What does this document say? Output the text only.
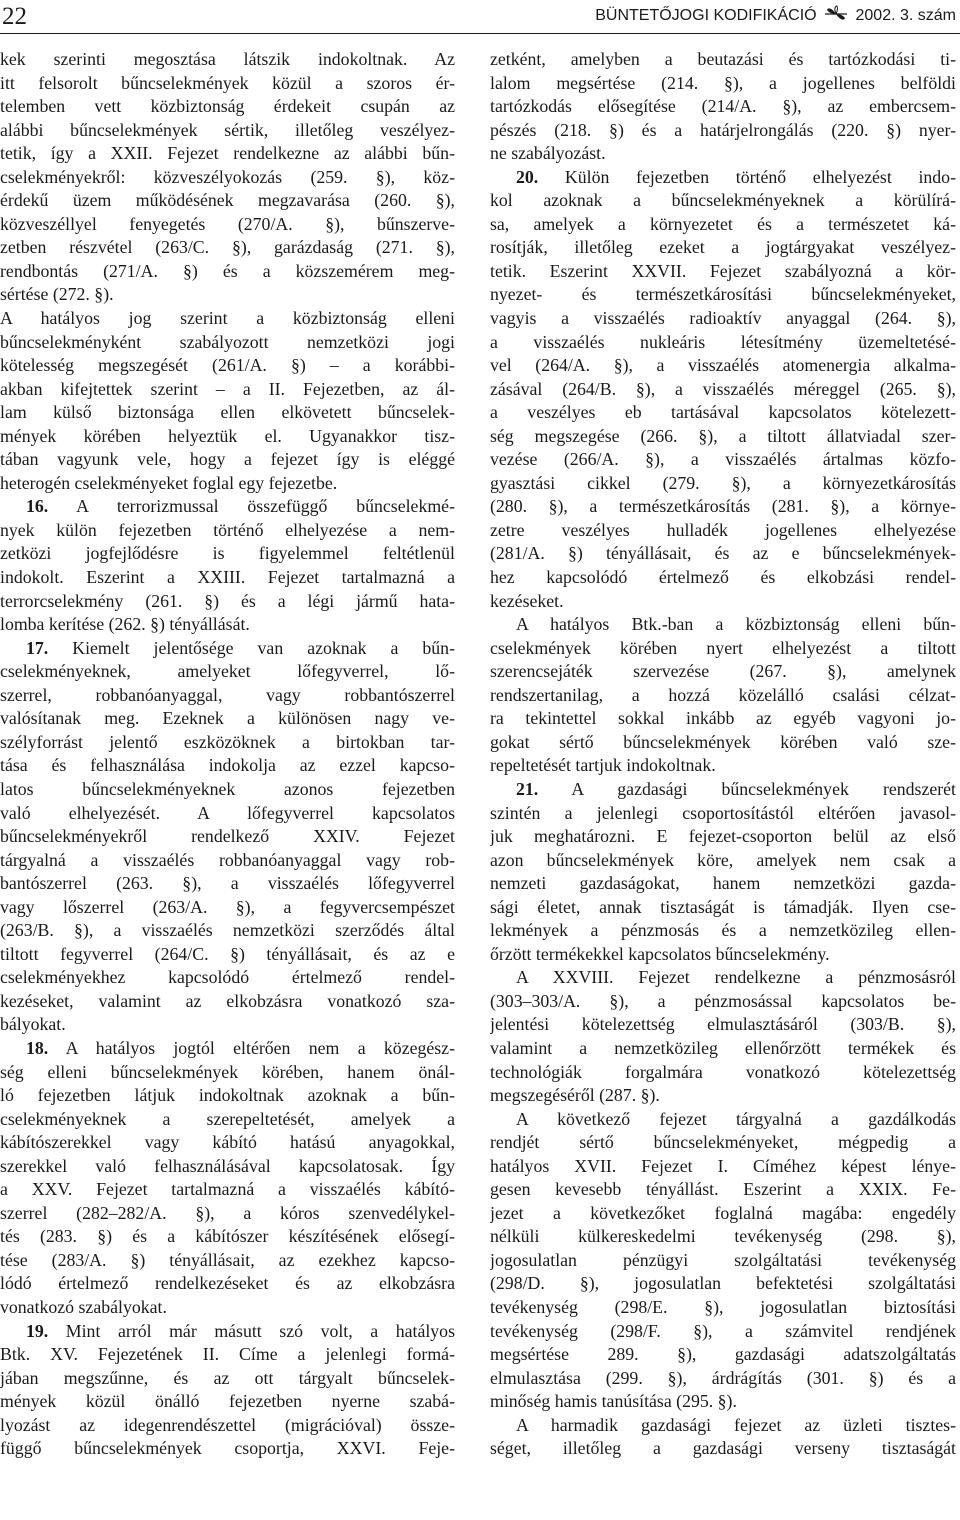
22	BÜNTETŐJOGI KODIFIKÁCIÓ 2002. 3. szám
kek szerinti megosztása látszik indokoltnak. Az
itt felsorolt bűncselekmények közül a szoros ér-
telemben vett közbiztonság érdekeit csupán az
alábbi bűncselekmények sértik, illetőleg veszélyez-
tetik, így a XXII. Fejezet rendelkezne az alábbi bűn-
cselekményekről: közveszélyokozás (259. §), köz-
érdekű üzem működésének megzavarása (260. §),
közveszéllyel fenyegetés (270/A. §), bűnszerve-
zetben részvétel (263/C. §), garázdaság (271. §),
rendbontás (271/A. §) és a közszemérem meg-
sértése (272. §).
A hatályos jog szerint a közbiztonság elleni
bűncselekményként szabályozott nemzetközi jogi
kötelesség megszegését (261/A. §) – a korábbi-
akban kifejtettek szerint – a II. Fejezetben, az ál-
lam külső biztonsága ellen elkövetett bűncselek-
mények körében helyeztük el. Ugyanakkor tisz-
tában vagyunk vele, hogy a fejezet így is eléggé
heterogén cselekményeket foglal egy fejezetbe.
16. A terrorizmussal összefüggő bűncselekmé-
nyek külön fejezetben történő elhelyezése a nem-
zetközi jogfejlődésre is figyelemmel feltétlenül
indokolt. Eszerint a XXIII. Fejezet tartalmazná a
terrorcselekmény (261. §) és a légi jármű hata-
lomba kerítése (262. §) tényállását.
17. Kiemelt jelentősége van azoknak a bűn-
cselekményeknek, amelyeket lőfegyverrel, lő-
szerrel, robbanóanyaggal, vagy robbantószerrel
valósítanak meg. Ezeknek a különösen nagy ve-
szélyforrást jelentő eszközöknek a birtokban tar-
tása és felhasználása indokolja az ezzel kapcso-
latos bűncselekményeknek azonos fejezetben
való elhelyezését. A lőfegyverrel kapcsolatos
bűncselekményekről rendelkező XXIV. Fejezet
tárgyalná a visszaélés robbanóanyaggal vagy rob-
bantószerrel (263. §), a visszaélés lőfegyverrel
vagy lőszerrel (263/A. §), a fegyvercsempészet
(263/B. §), a visszaélés nemzetközi szerződés által
tiltott fegyverrel (264/C. §) tényállásait, és az e
cselekményekhez kapcsolódó értelmező rendel-
kezéseket, valamint az elkobzásra vonatkozó sza-
bályokat.
18. A hatályos jogtól eltérően nem a közegész-
ség elleni bűncselekmények körében, hanem önál-
ló fejezetben látjuk indokoltnak azoknak a bűn-
cselekményeknek a szerepeltetését, amelyek a
kábítószerekkel vagy kábító hatású anyagokkal,
szerekkel való felhasználásával kapcsolatosak. Így
a XXV. Fejezet tartalmazná a visszaélés kábító-
szerrel (282–282/A. §), a kóros szenvedélykel-
tés (283. §) és a kábítószer készítésének elősegí-
tése (283/A. §) tényállásait, az ezekhez kapcso-
lódó értelmező rendelkezéseket és az elkobzásra
vonatkozó szabályokat.
19. Mint arról már másutt szó volt, a hatályos
Btk. XV. Fejezetének II. Címe a jelenlegi formá-
jában megszűnne, és az ott tárgyalt bűncselek-
mények közül önálló fejezetben nyerne szabá-
lyozást az idegenrendészettel (migrációval) össze-
függő bűncselekmények csoportja, XXVI. Feje-
zetként, amelyben a beutazási és tartózkodási ti-
lalom megsértése (214. §), a jogellenes belföldi
tartózkodás elősegítése (214/A. §), az embercsem-
pészés (218. §) és a határjelrongálás (220. §) nyer-
ne szabályozást.
20. Külön fejezetben történő elhelyezést indo-
kol azoknak a bűncselekményeknek a körülírá-
sa, amelyek a környezetet és a természetet ká-
rosítják, illetőleg ezeket a jogtárgyakat veszélyez-
tetik. Eszerint XXVII. Fejezet szabályozná a kör-
nyezet- és természetkárosítási bűncselekményeket,
vagyis a visszaélés radioaktív anyaggal (264. §),
a visszaélés nukleáris létesítmény üzemeltetésé-
vel (264/A. §), a visszaélés atomenergia alkalma-
zásával (264/B. §), a visszaélés méreggel (265. §),
a veszélyes eb tartásával kapcsolatos kötelezett-
ség megszegése (266. §), a tiltott állatviadal szer-
vezése (266/A. §), a visszaélés ártalmas közfo-
gyasztási cikkel (279. §), a környezetkárosítás
(280. §), a természetkárosítás (281. §), a környe-
zetre veszélyes hulladék jogellenes elhelyezése
(281/A. §) tényállásait, és az e bűncselekmények-
hez kapcsolódó értelmező és elkobzási rendel-
kezéseket.
A hatályos Btk.-ban a közbiztonság elleni bűn-
cselekmények körében nyert elhelyezést a tiltott
szerencsejáték szervezése (267. §), amelynek
rendszertanilag, a hozzá közelálló csalási célzat-
ra tekintettel sokkal inkább az egyéb vagyoni jo-
gokat sértő bűncselekmények körében való sze-
repeltetését tartjuk indokoltnak.
21. A gazdasági bűncselekmények rendszerét
szintén a jelenlegi csoportosítástól eltérően javasol-
juk meghatározni. E fejezet-csoporton belül az első
azon bűncselekmények köre, amelyek nem csak a
nemzeti gazdaságokat, hanem nemzetközi gazda-
sági életet, annak tisztaságát is támadják. Ilyen cse-
lekmények a pénzmosás és a nemzetközileg ellen-
őrzött termékekkel kapcsolatos bűncselekmény.
A XXVIII. Fejezet rendelkezne a pénzmosásról
(303–303/A. §), a pénzmosással kapcsolatos be-
jelentési kötelezettség elmulasztásáról (303/B. §),
valamint a nemzetközileg ellenőrzött termékek és
technológiák forgalmára vonatkozó kötelezettség
megszegéséről (287. §).
A következő fejezet tárgyalná a gazdálkodás
rendjét sértő bűncselekményeket, mégpedig a
hatályos XVII. Fejezet I. Címéhez képest lénye-
gesen kevesebb tényállást. Eszerint a XXIX. Fe-
jezet a következőket foglalná magába: engedély
nélküli külkereskedelmi tevékenység (298. §),
jogosulatlan pénzügyi szolgáltatási tevékenység
(298/D. §), jogosulatlan befektetési szolgáltatási
tevékenység (298/E. §), jogosulatlan biztosítási
tevékenység (298/F. §), a számvitel rendjének
megsértése 289. §), gazdasági adatszolgáltatás
elmulasztása (299. §), árdrágítás (301. §) és a
minőség hamis tanúsítása (295. §).
A harmadik gazdasági fejezet az üzleti tisztes-
séget, illetőleg a gazdasági verseny tisztaságát
